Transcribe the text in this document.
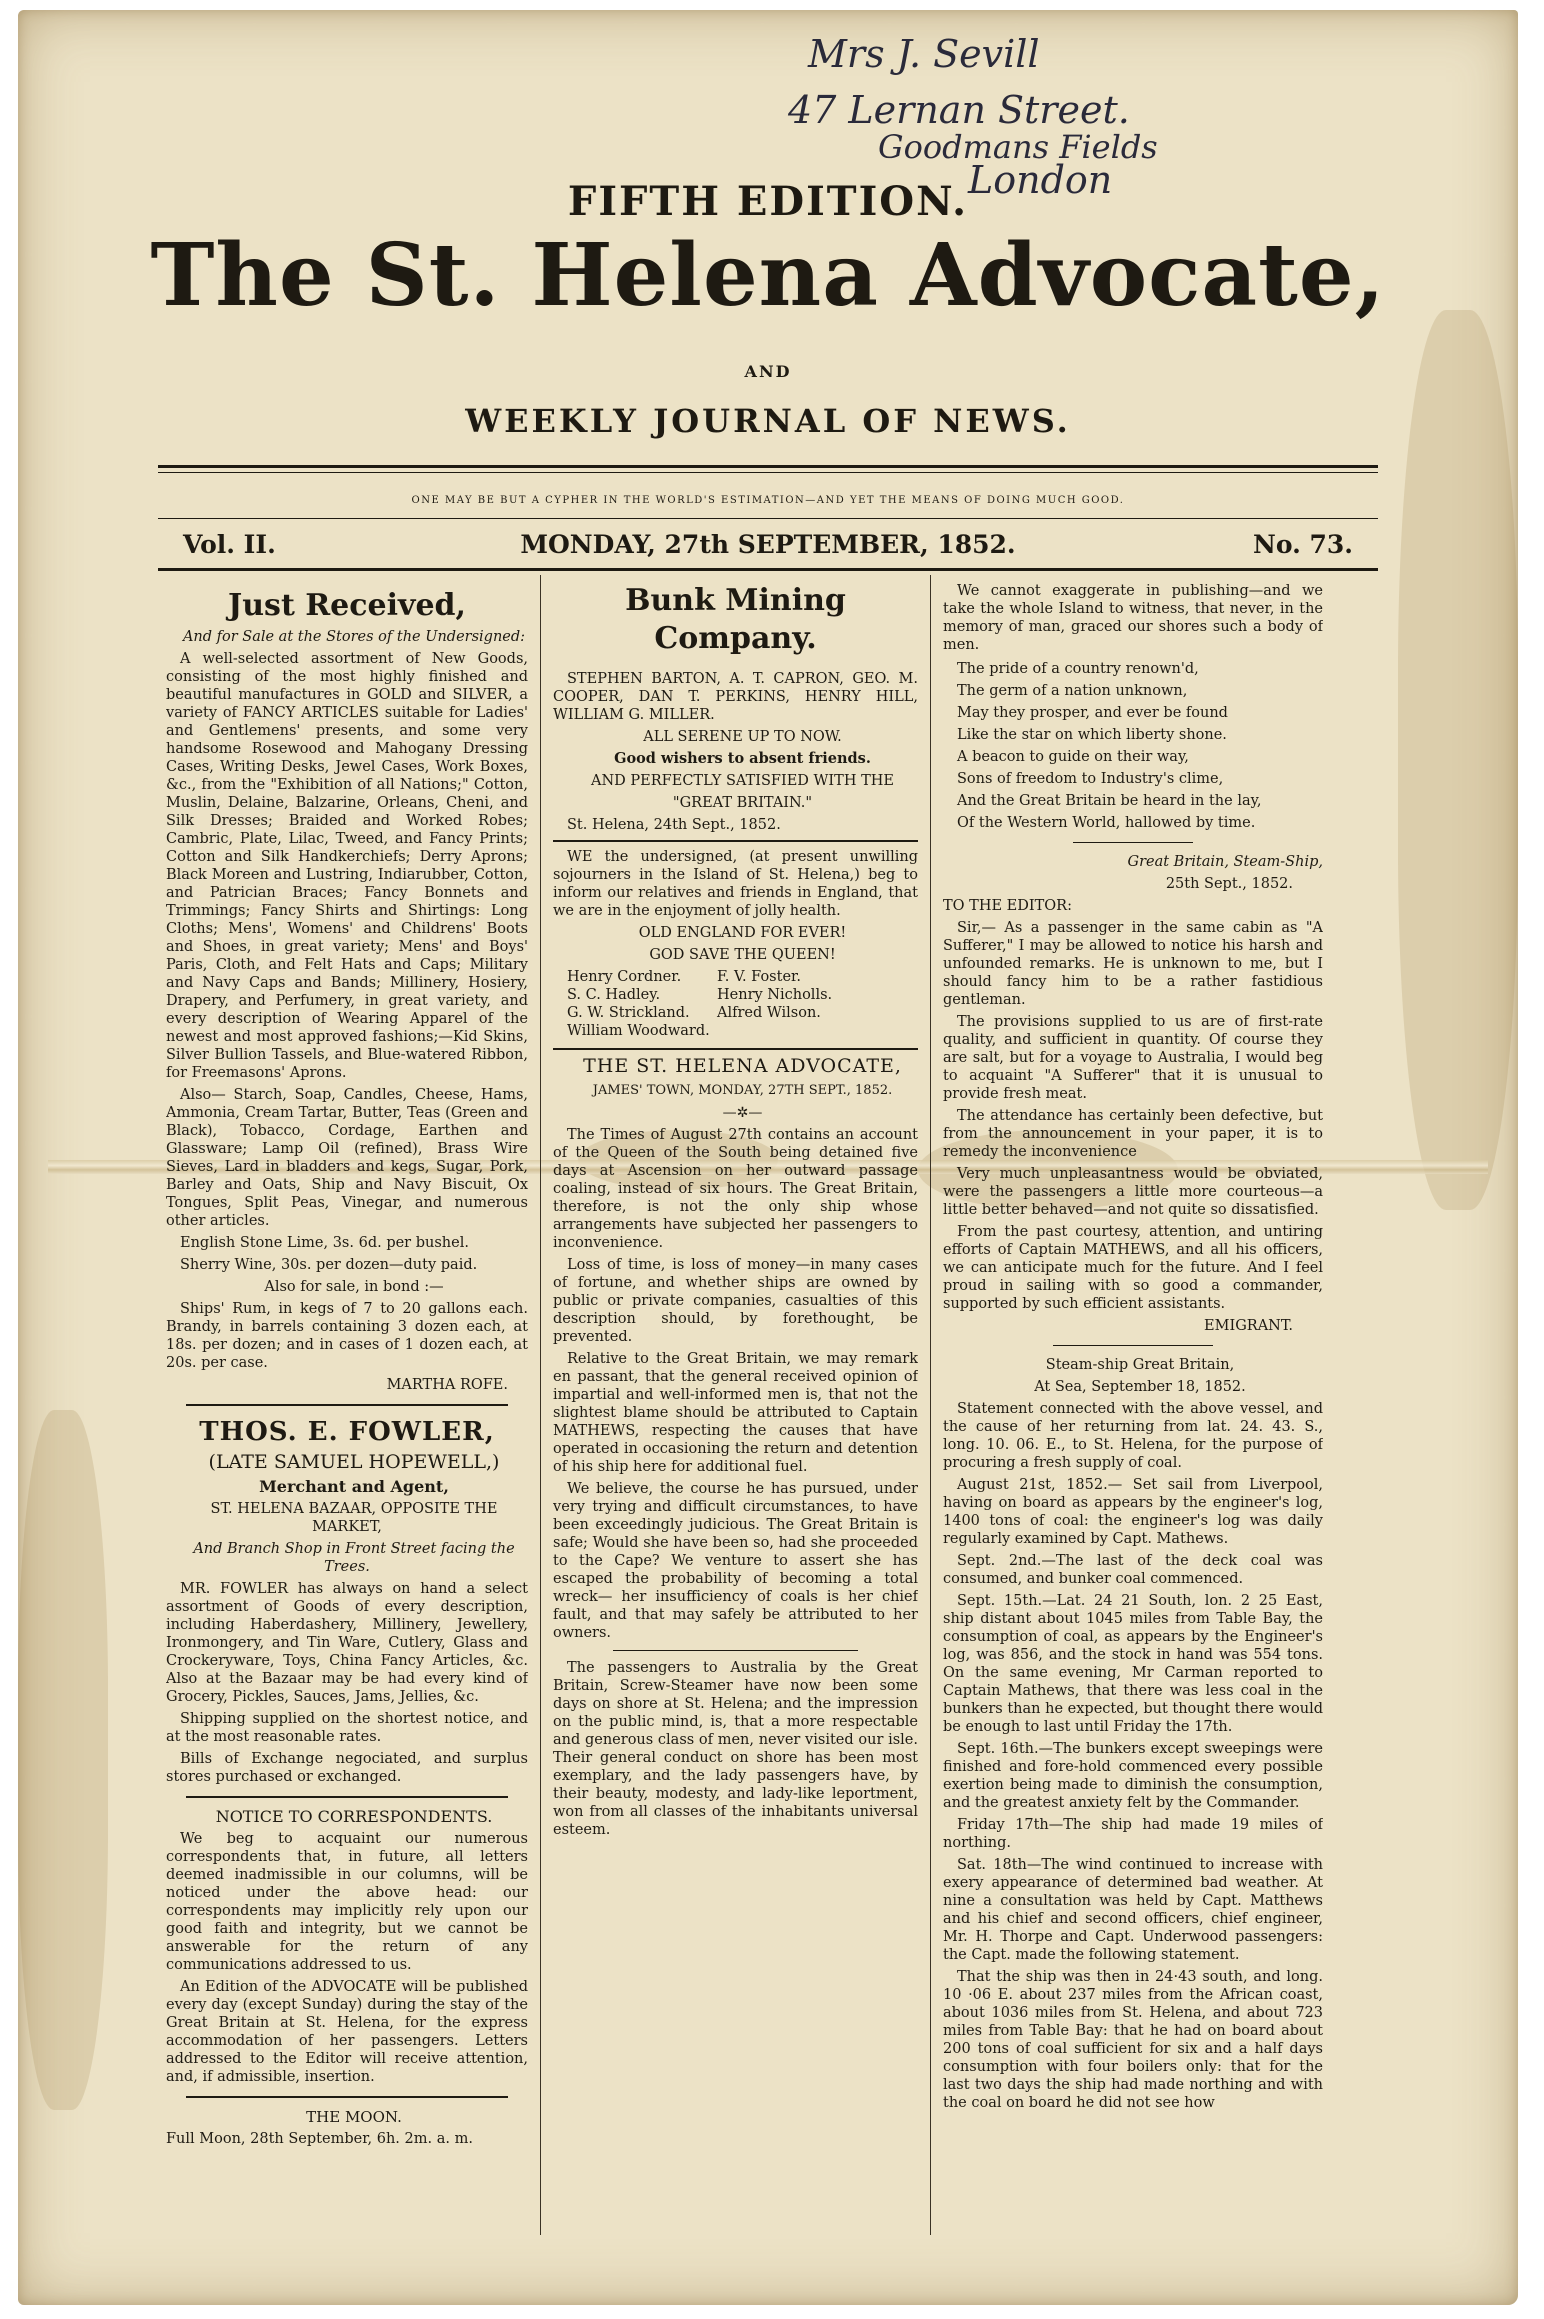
Mrs J. Sevill
47 Lernan Street.
Goodmans Fields
London
FIFTH EDITION.
The St. Helena Advocate,
AND
WEEKLY JOURNAL OF NEWS.
ONE MAY BE BUT A CYPHER IN THE WORLD'S ESTIMATION—AND YET THE MEANS OF DOING MUCH GOOD.
Vol. II.	MONDAY, 27th SEPTEMBER, 1852.	No. 73.
Just Received,

And for Sale at the Stores of the Undersigned:

A well-selected assortment of New Goods, consisting of the most highly finished and beautiful manufactures in GOLD and SILVER, a variety of FANCY ARTICLES suitable for Ladies' and Gentlemens' presents, and some very handsome Rosewood and Mahogany Dressing Cases, Writing Desks, Jewel Cases, Work Boxes, &c., from the "Exhibition of all Nations;" Cotton, Muslin, Delaine, Balzarine, Orleans, Cheni, and Silk Dresses; Braided and Worked Robes; Cambric, Plate, Lilac, Tweed, and Fancy Prints; Cotton and Silk Handkerchiefs; Derry Aprons; Black Moreen and Lustring, Indiarubber, Cotton, and Patrician Braces; Fancy Bonnets and Trimmings; Fancy Shirts and Shirtings: Long Cloths; Mens', Womens' and Childrens' Boots and Shoes, in great variety; Mens' and Boys' Paris, Cloth, and Felt Hats and Caps; Military and Navy Caps and Bands; Millinery, Hosiery, Drapery, and Perfumery, in great variety, and every description of Wearing Apparel of the newest and most approved fashions;—Kid Skins, Silver Bullion Tassels, and Blue-watered Ribbon, for Freemasons' Aprons.

Also— Starch, Soap, Candles, Cheese, Hams, Ammonia, Cream Tartar, Butter, Teas (Green and Black), Tobacco, Cordage, Earthen and Glassware; Lamp Oil (refined), Brass Wire Sieves, Lard in bladders and kegs, Sugar, Pork, Barley and Oats, Ship and Navy Biscuit, Ox Tongues, Split Peas, Vinegar, and numerous other articles.

English Stone Lime, 3s. 6d. per bushel.

Sherry Wine, 30s. per dozen—duty paid.

Also for sale, in bond :—

Ships' Rum, in kegs of 7 to 20 gallons each. Brandy, in barrels containing 3 dozen each, at 18s. per dozen; and in cases of 1 dozen each, at 20s. per case.

MARTHA ROFE.

THOS. E. FOWLER,

(LATE SAMUEL HOPEWELL,)

Merchant and Agent,

ST. HELENA BAZAAR, OPPOSITE THE MARKET,

And Branch Shop in Front Street facing the Trees.

MR. FOWLER has always on hand a select assortment of Goods of every description, including Haberdashery, Millinery, Jewellery, Ironmongery, and Tin Ware, Cutlery, Glass and Crockeryware, Toys, China Fancy Articles, &c. Also at the Bazaar may be had every kind of Grocery, Pickles, Sauces, Jams, Jellies, &c.

Shipping supplied on the shortest notice, and at the most reasonable rates.

Bills of Exchange negociated, and surplus stores purchased or exchanged.

NOTICE TO CORRESPONDENTS.

We beg to acquaint our numerous correspondents that, in future, all letters deemed inadmissible in our columns, will be noticed under the above head: our correspondents may implicitly rely upon our good faith and integrity, but we cannot be answerable for the return of any communications addressed to us.

An Edition of the ADVOCATE will be published every day (except Sunday) during the stay of the Great Britain at St. Helena, for the express accommodation of her passengers. Letters addressed to the Editor will receive attention, and, if admissible, insertion.

THE MOON.

Full Moon, 28th September, 6h. 2m. a. m.

Bunk Mining
Company.

STEPHEN BARTON, A. T. CAPRON, GEO. M. COOPER, DAN T. PERKINS, HENRY HILL, WILLIAM G. MILLER.

ALL SERENE UP TO NOW.

Good wishers to absent friends.

AND PERFECTLY SATISFIED WITH THE

"GREAT BRITAIN."

St. Helena, 24th Sept., 1852.

WE the undersigned, (at present unwilling sojourners in the Island of St. Helena,) beg to inform our relatives and friends in England, that we are in the enjoyment of jolly health.

OLD ENGLAND FOR EVER!

GOD SAVE THE QUEEN!

Henry Cordner.	F. V. Foster.
S. C. Hadley.	Henry Nicholls.
G. W. Strickland.	Alfred Wilson.
William Woodward.

THE ST. HELENA ADVOCATE,

JAMES' TOWN, MONDAY, 27TH SEPT., 1852.

—✲—

The Times of August 27th contains an account of the Queen of the South being detained five days at Ascension on her outward passage coaling, instead of six hours. The Great Britain, therefore, is not the only ship whose arrangements have subjected her passengers to inconvenience.

Loss of time, is loss of money—in many cases of fortune, and whether ships are owned by public or private companies, casualties of this description should, by forethought, be prevented.

Relative to the Great Britain, we may remark en passant, that the general received opinion of impartial and well-informed men is, that not the slightest blame should be attributed to Captain MATHEWS, respecting the causes that have operated in occasioning the return and detention of his ship here for additional fuel.

We believe, the course he has pursued, under very trying and difficult circumstances, to have been exceedingly judicious. The Great Britain is safe; Would she have been so, had she proceeded to the Cape? We venture to assert she has escaped the probability of becoming a total wreck— her insufficiency of coals is her chief fault, and that may safely be attributed to her owners.

The passengers to Australia by the Great Britain, Screw-Steamer have now been some days on shore at St. Helena; and the impression on the public mind, is, that a more respectable and generous class of men, never visited our isle. Their general conduct on shore has been most exemplary, and the lady passengers have, by their beauty, modesty, and lady-like leportment, won from all classes of the inhabitants universal esteem.

We cannot exaggerate in publishing—and we take the whole Island to witness, that never, in the memory of man, graced our shores such a body of men.

The pride of a country renown'd,

The germ of a nation unknown,

May they prosper, and ever be found

Like the star on which liberty shone.

A beacon to guide on their way,

Sons of freedom to Industry's clime,

And the Great Britain be heard in the lay,

Of the Western World, hallowed by time.

Great Britain, Steam-Ship,

25th Sept., 1852.

TO THE EDITOR:

Sir,— As a passenger in the same cabin as "A Sufferer," I may be allowed to notice his harsh and unfounded remarks. He is unknown to me, but I should fancy him to be a rather fastidious gentleman.

The provisions supplied to us are of first-rate quality, and sufficient in quantity. Of course they are salt, but for a voyage to Australia, I would beg to acquaint "A Sufferer" that it is unusual to provide fresh meat.

The attendance has certainly been defective, but from the announcement in your paper, it is to remedy the inconvenience

Very much unpleasantness would be obviated, were the passengers a little more courteous—a little better behaved—and not quite so dissatisfied.

From the past courtesy, attention, and untiring efforts of Captain MATHEWS, and all his officers, we can anticipate much for the future. And I feel proud in sailing with so good a commander, supported by such efficient assistants.

EMIGRANT.

Steam-ship Great Britain,

At Sea, September 18, 1852.

Statement connected with the above vessel, and the cause of her returning from lat. 24. 43. S., long. 10. 06. E., to St. Helena, for the purpose of procuring a fresh supply of coal.

August 21st, 1852.— Set sail from Liverpool, having on board as appears by the engineer's log, 1400 tons of coal: the engineer's log was daily regularly examined by Capt. Mathews.

Sept. 2nd.—The last of the deck coal was consumed, and bunker coal commenced.

Sept. 15th.—Lat. 24 21 South, lon. 2 25 East, ship distant about 1045 miles from Table Bay, the consumption of coal, as appears by the Engineer's log, was 856, and the stock in hand was 554 tons. On the same evening, Mr Carman reported to Captain Mathews, that there was less coal in the bunkers than he expected, but thought there would be enough to last until Friday the 17th.

Sept. 16th.—The bunkers except sweepings were finished and fore-hold commenced every possible exertion being made to diminish the consumption, and the greatest anxiety felt by the Commander.

Friday 17th—The ship had made 19 miles of northing.

Sat. 18th—The wind continued to increase with exery appearance of determined bad weather. At nine a consultation was held by Capt. Matthews and his chief and second officers, chief engineer, Mr. H. Thorpe and Capt. Underwood passengers: the Capt. made the following statement.

That the ship was then in 24·43 south, and long. 10 ·06 E. about 237 miles from the African coast, about 1036 miles from St. Helena, and about 723 miles from Table Bay: that he had on board about 200 tons of coal sufficient for six and a half days consumption with four boilers only: that for the last two days the ship had made northing and with the coal on board he did not see how
